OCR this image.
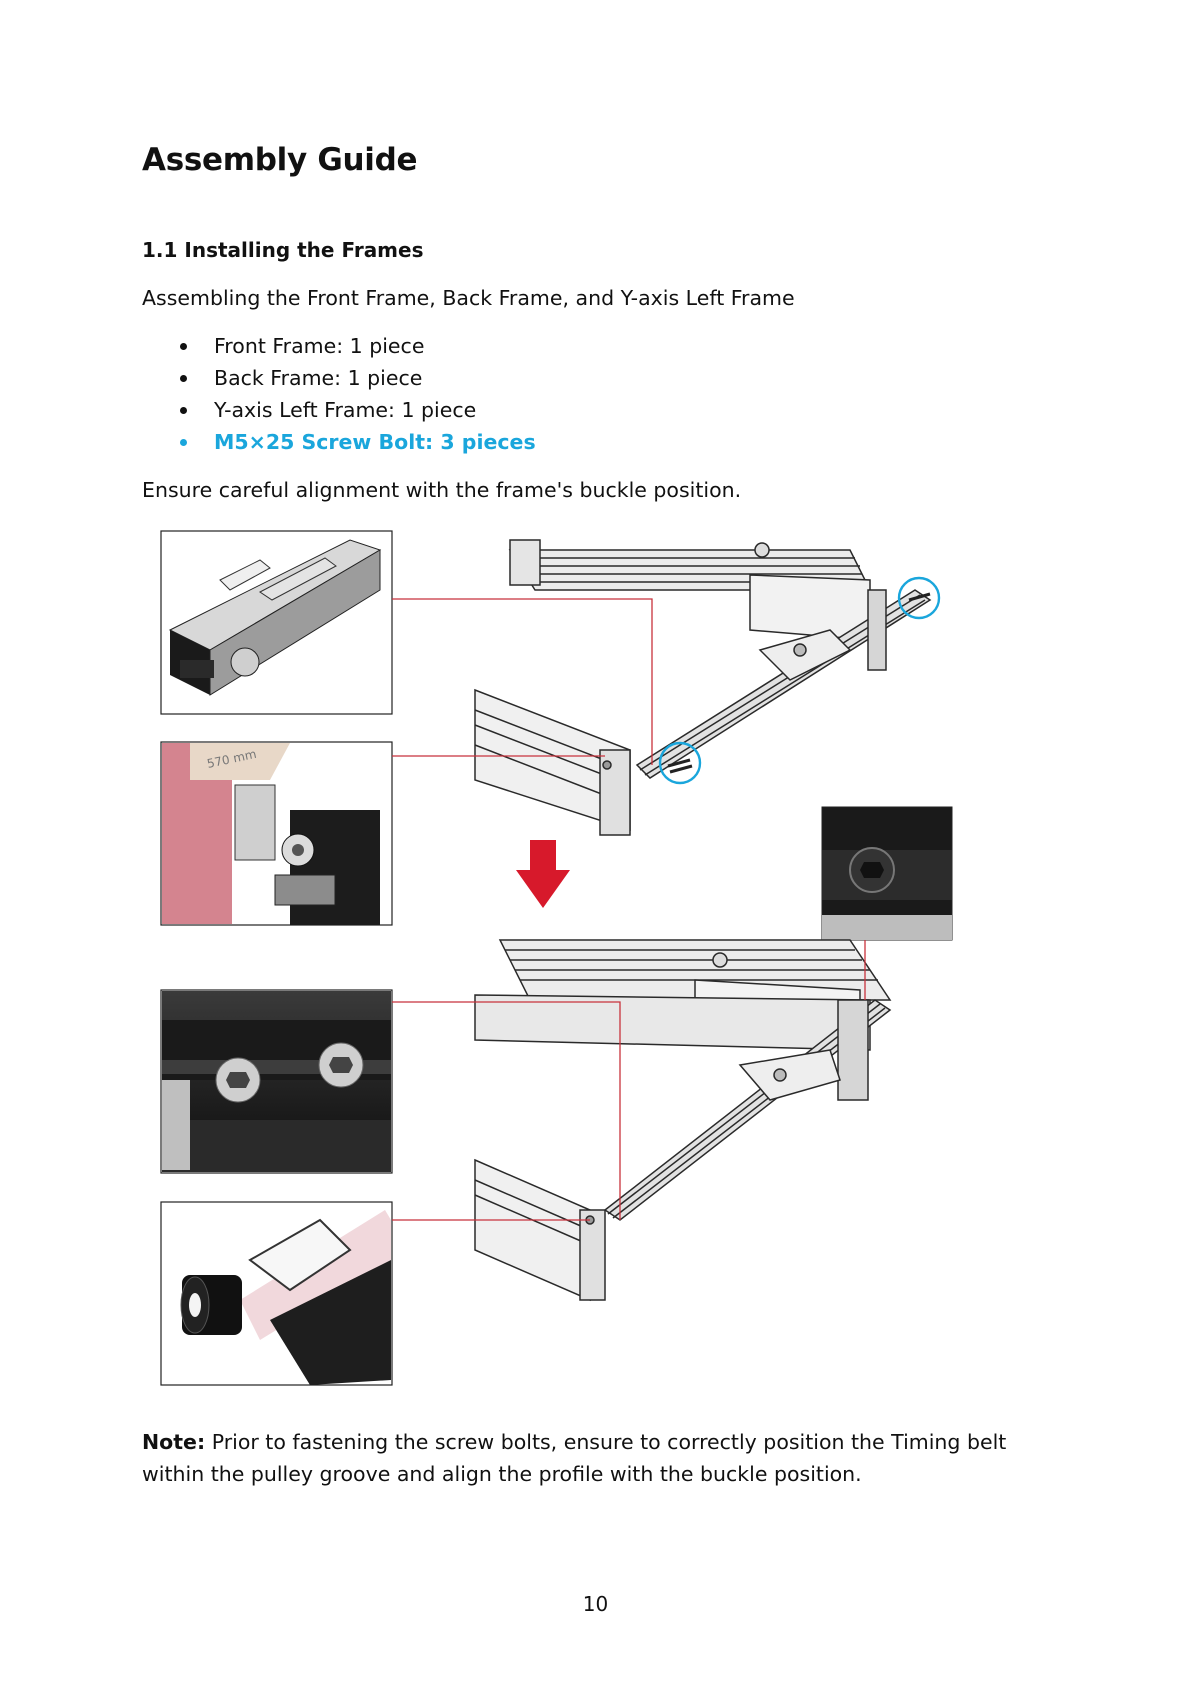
Assembly Guide
1.1 Installing the Frames
Assembling the Front Frame, Back Frame, and Y-axis Left Frame
Front Frame: 1 piece
Back Frame: 1 piece
Y-axis Left Frame: 1 piece
M5×25 Screw Bolt: 3 pieces
Ensure careful alignment with the frame's buckle position.
570 mm
Note: Prior to fastening the screw bolts, ensure to correctly position the Timing belt within the pulley groove and align the profile with the buckle position.
10
